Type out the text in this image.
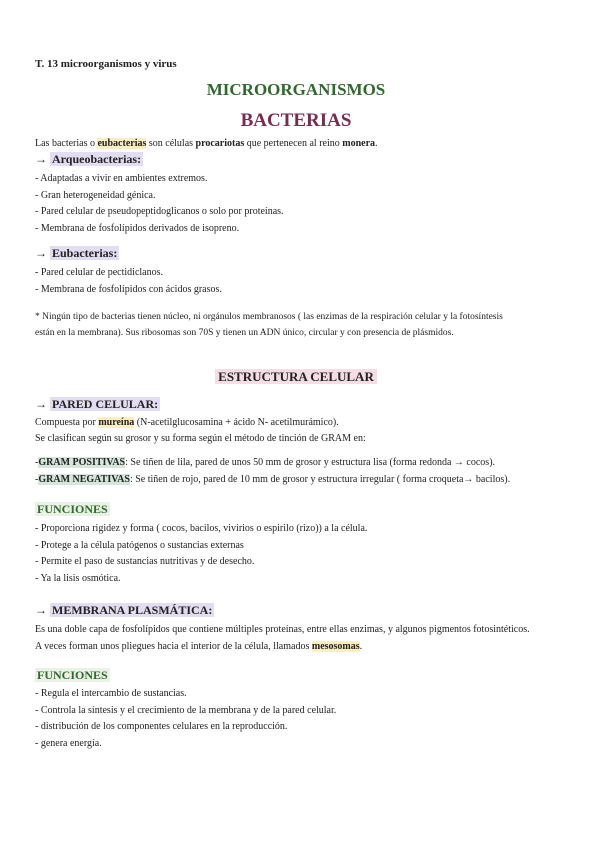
T. 13 microorganismos y virus
MICROORGANISMOS
BACTERIAS
Las bacterias o eubacterias son células procariotas que pertenecen al reino monera.
→ Arqueobacterias:
- Adaptadas a vivir en ambientes extremos.
- Gran heterogeneidad génica.
- Pared celular de pseudopeptidoglicanos o solo por proteínas.
- Membrana de fosfolípidos derivados de isopreno.
→ Eubacterias:
- Pared celular de pectidiclanos.
- Membrana de fosfolípidos con ácidos grasos.
* Ningún tipo de bacterias tienen núcleo, ni orgánulos membranosos ( las enzimas de la respiración celular y la fotosíntesis
están en la membrana). Sus ribosomas son 70S y tienen un ADN único, circular y con presencia de plásmidos.
ESTRUCTURA CELULAR
→ PARED CELULAR:
Compuesta por mureína (N-acetilglucosamina + ácido N- acetilmurámico).
Se clasifican según su grosor y su forma según el método de tinción de GRAM en:
-GRAM POSITIVAS: Se tiñen de lila, pared de unos 50 mm de grosor y estructura lisa (forma redonda → cocos).
-GRAM NEGATIVAS: Se tiñen de rojo, pared de 10 mm de grosor y estructura irregular ( forma croqueta→ bacilos).
FUNCIONES
- Proporciona rigidez y forma ( cocos, bacilos, vivirios o espirilo (rizo)) a la célula.
- Protege a la célula patógenos o sustancias externas
- Permite el paso de sustancias nutritivas y de desecho.
- Ya la lisis osmótica.
→ MEMBRANA PLASMÁTICA:
Es una doble capa de fosfolípidos que contiene múltiples proteínas, entre ellas enzimas, y algunos pigmentos fotosintéticos.
A veces forman unos pliegues hacia el interior de la célula, llamados mesosomas.
FUNCIONES
- Regula el intercambio de sustancias.
- Controla la síntesis y el crecimiento de la membrana y de la pared celular.
- distribución de los componentes celulares en la reproducción.
- genera energía.
